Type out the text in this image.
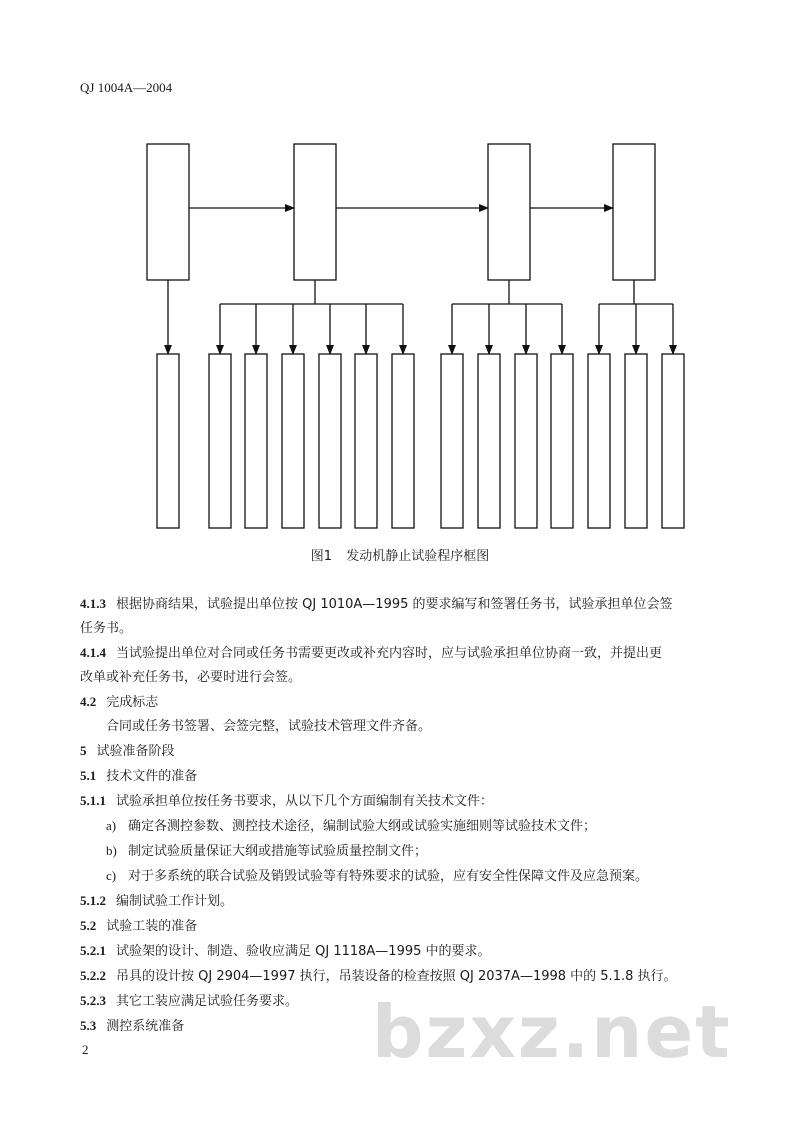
QJ 1004A—2004
图1 发动机静止试验程序框图

4.1.3 根据协商结果，试验提出单位按 QJ 1010A—1995 的要求编写和签署任务书，试验承担单位会签
任务书。

4.1.4 当试验提出单位对合同或任务书需要更改或补充内容时，应与试验承担单位协商一致，并提出更
改单或补充任务书，必要时进行会签。

4.2 完成标志

合同或任务书签署、会签完整，试验技术管理文件齐备。

5 试验准备阶段

5.1 技术文件的准备

5.1.1 试验承担单位按任务书要求，从以下几个方面编制有关技术文件：

a) 确定各测控参数、测控技术途径，编制试验大纲或试验实施细则等试验技术文件；

b) 制定试验质量保证大纲或措施等试验质量控制文件；

c) 对于多系统的联合试验及销毁试验等有特殊要求的试验，应有安全性保障文件及应急预案。

5.1.2 编制试验工作计划。

5.2 试验工装的准备

5.2.1 试验架的设计、制造、验收应满足 QJ 1118A—1995 中的要求。

5.2.2 吊具的设计按 QJ 2904—1997 执行，吊装设备的检查按照 QJ 2037A—1998 中的 5.1.8 执行。

5.2.3 其它工装应满足试验任务要求。

5.3 测控系统准备	bzxz.net
2
